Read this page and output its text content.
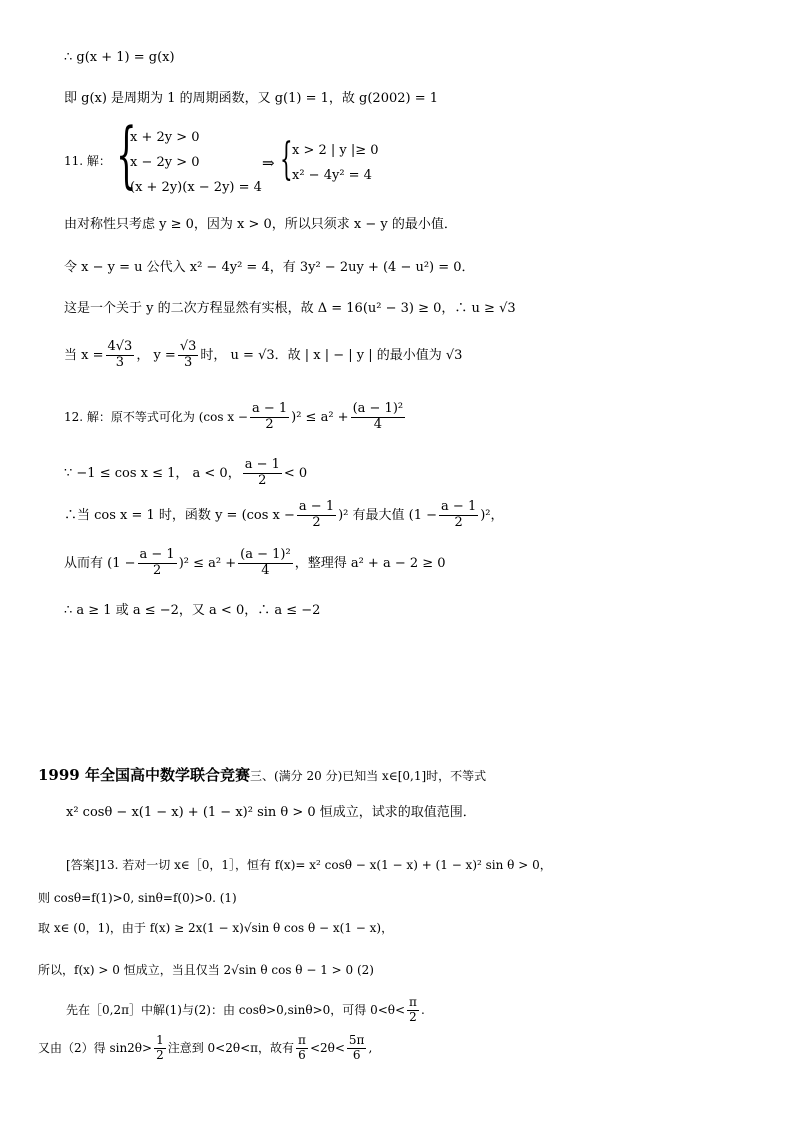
∴ g(x + 1) = g(x)
即 g(x) 是周期为 1 的周期函数，又 g(1) = 1，故 g(2002) = 1
11. 解： {
x + 2y > 0
x − 2y > 0
(x + 2y)(x − 2y) = 4
⇒ { x > 2 | y |≥ 0
x² − 4y² = 4
由对称性只考虑 y ≥ 0，因为 x > 0，所以只须求 x − y 的最小值．
令 x − y = u 公代入 x² − 4y² = 4，有 3y² − 2uy + (4 − u²) = 0．
这是一个关于 y 的二次方程显然有实根，故 Δ = 16(u² − 3) ≥ 0，∴ u ≥ √3
当 $x = \frac{4√3}{3}$ ， $y = \frac{√3}{3}$ 时， u = √3．故 | x | − | y | 的最小值为 √3
12. 解：原不等式可化为 (cos $x - \frac{a - 1}{2} )^2 \le a^2 + \frac{\text{(a − 1)²}}{4}$
∵ −1 ≤ cos x ≤ 1， a < 0， $\frac{a - 1}{2} < 0$
∴当 cos x = 1 时，函数 y = (cos $x - \frac{a - 1}{2} )^2$ 有最大值 $(1 - \frac{a - 1}{2} )^2$，
从而有 $(1 - \frac{a - 1}{2} )^2 \le a^2 + \frac{\text{(a − 1)²}}{4}$ ，整理得 a² + a − 2 ≥ 0
∴ a ≥ 1 或 a ≤ −2，又 a < 0，∴ a ≤ −2
1999 年全国高中数学联合竞赛 三、(满分 20 分)已知当 x∈[0,1]时，不等式
x² cosθ − x(1 − x) + (1 − x)² sin θ > 0 恒成立，试求的取值范围．
[答案]13. 若对一切 x∈［0，1］，恒有 f(x)= x² cosθ − x(1 − x) + (1 − x)² sin θ > 0，
则 cosθ=f(1)>0, sinθ=f(0)>0. (1)
取 x∈ (0，1)，由于 f(x) ≥ 2x(1 − x)√sin θ cos θ − x(1 − x)，
所以，f(x) > 0 恒成立，当且仅当 2√sin θ cos θ − 1 > 0 (2)
先在［0,2π］中解(1)与(2)：由 cosθ>0,sinθ>0，可得 $0<\theta< \frac{\pi}{2}$ .
又由（2）得 $\sin 2\theta> \frac{1}{2}$ 注意到 0<2θ<π，故有 $\frac{\pi}{6} <2\theta< \frac{5\pi}{6}$ ,
